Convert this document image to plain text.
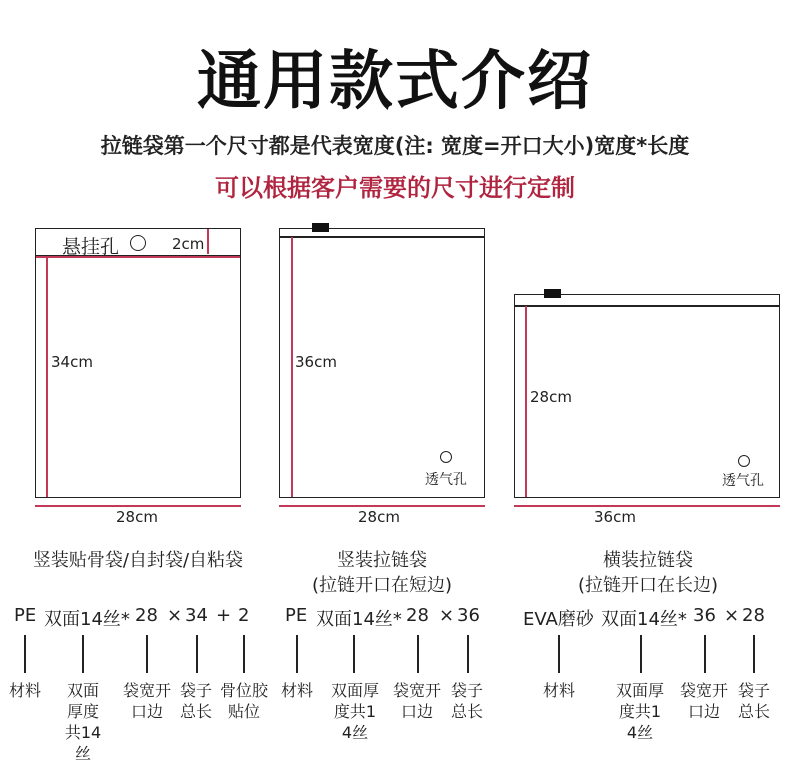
通用款式介绍
拉链袋第一个尺寸都是代表宽度(注: 宽度=开口大小)宽度*长度
可以根据客户需要的尺寸进行定制
悬挂孔	2cm
34cm
28cm
36cm
透气孔
28cm
28cm
透气孔
36cm
竖装贴骨袋/自封袋/自粘袋	竖装拉链袋
(拉链开口在短边)
横装拉链袋
(拉链开口在长边)
PE 双面14丝* 28 × 34 + 2 PE 双面14丝* 28 × 36 EVA磨砂 双面14丝* 36 × 28
材料	双面厚度共14丝
袋宽开口边
袋子总长
骨位胶贴位
材料	双面厚度共14丝
袋宽开口边
袋子总长
材料	双面厚度共14丝
袋宽开口边
袋子总长
